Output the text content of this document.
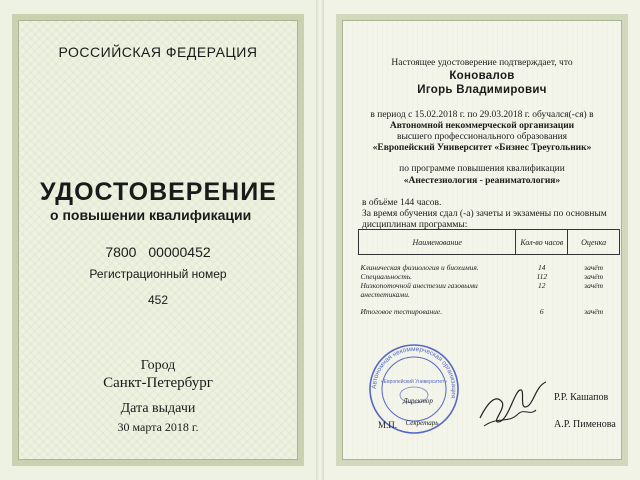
РОССИЙСКАЯ ФЕДЕРАЦИЯ
УДОСТОВЕРЕНИЕ
о повышении квалификации
7800 00000452
Регистрационный номер
452
Город
Санкт-Петербург
Дата выдачи
30 марта 2018 г.
Настоящее удостоверение подтверждает, что
Коновалов
Игорь Владимирович
в период с 15.02.2018 г. по 29.03.2018 г. обучался(-ся) в
Автономной некоммерческой организации
высшего профессионального образования
«Европейский Университет «Бизнес Треугольник»
по программе повышения квалификации
«Анестезиология - реаниматология»
в объёме 144 часов.
За время обучения сдал (-а) зачеты и экзамены по основным
дисциплинам программы:
Наименование	Кол-во часов	Оценка

Клиническая физиология и биохимия.	14	зачёт
Специальность.	112	зачёт
Низкопоточной анестезии газовыми анестетиками.	12	зачёт

Итоговое тестирование.	6	зачёт
Автономная некоммерческая организация
«Европейский Университет»
Директор
Секретарь
М.П.
Р.Р. Кашапов
А.Р. Пименова
